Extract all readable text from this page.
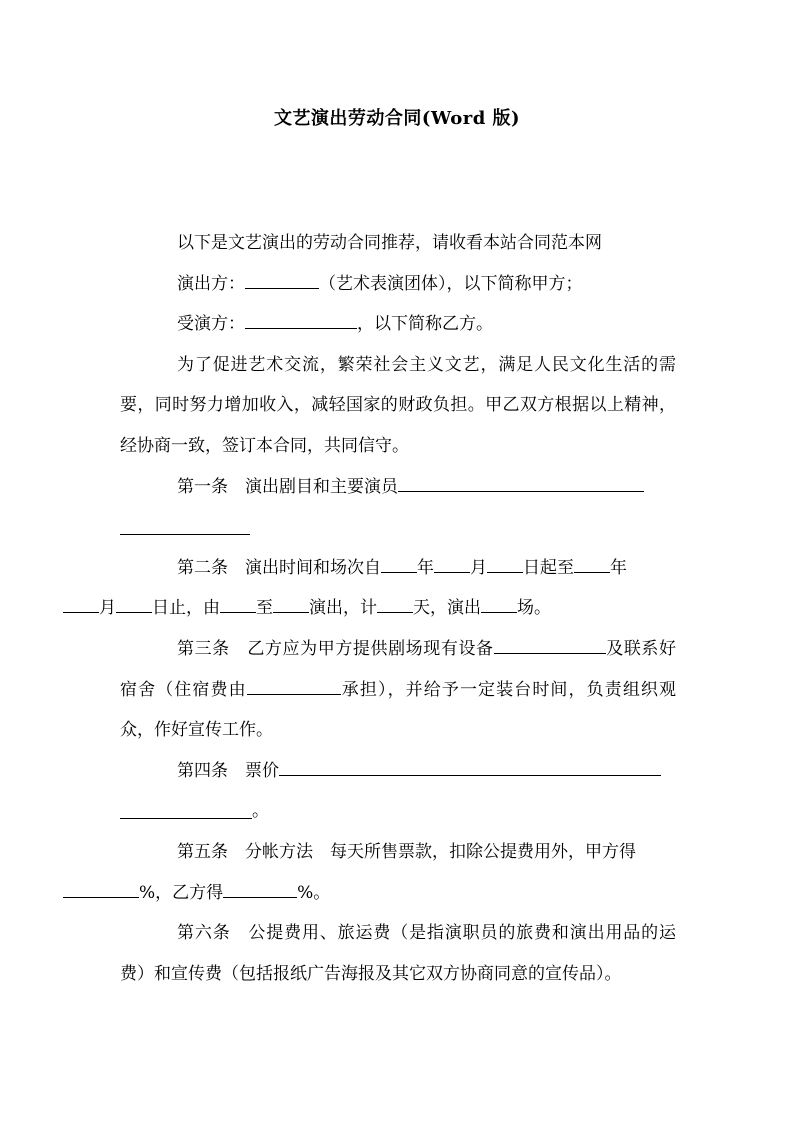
文艺演出劳动合同(Word 版)

以下是文艺演出的劳动合同推荐，请收看本站合同范本网

演出方：	（艺术表演团体），以下简称甲方；

受演方：	，以下简称乙方。

为了促进艺术交流，繁荣社会主义文艺，满足人民文化生活的需要，同时努力增加收入，减轻国家的财政负担。甲乙双方根据以上精神，经协商一致，签订本合同，共同信守。

第一条　演出剧目和主要演员

第二条　演出时间和场次自 年 月 日起至 年
月 日止，由 至 演出，计 天，演出 场。

第三条　乙方应为甲方提供剧场现有设备	及联系好宿舍（住宿费由	承担），并给予一定装台时间，负责组织观众，作好宣传工作。

第四条　票价

。

第五条　分帐方法　每天所售票款，扣除公提费用外，甲方得
%，乙方得	%。

第六条　公提费用、旅运费（是指演职员的旅费和演出用品的运费）和宣传费（包括报纸广告海报及其它双方协商同意的宣传品）。
